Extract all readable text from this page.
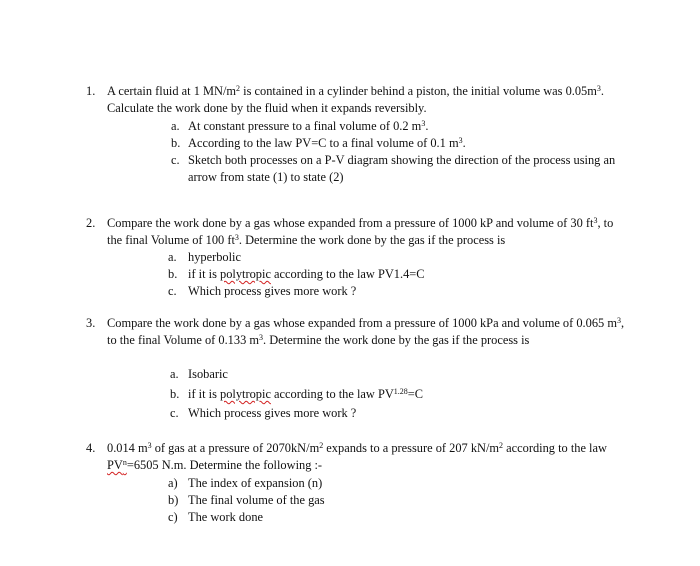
1. A certain fluid at 1 $MN/m^2$ is contained in a cylinder behind a piston, the initial volume was $0.05m^3$. Calculate the work done by the fluid when it expands reversibly.
a. At constant pressure to a final volume of 0.2 $m^3$.
b. According to the law PV=C to a final volume of 0.1 $m^3$.
c. Sketch both processes on a P-V diagram showing the direction of the process using an arrow from state (1) to state (2)
2. Compare the work done by a gas whose expanded from a pressure of 1000 kP and volume of 30 $ft^3$, to the final Volume of 100 $ft^3$. Determine the work done by the gas if the process is
a. hyperbolic
b. if it is polytropic according to the law PV1.4=C
c. Which process gives more work ?
3. Compare the work done by a gas whose expanded from a pressure of 1000 kPa and volume of 0.065 $m^3$, to the final Volume of 0.133 $m^3$. Determine the work done by the gas if the process is
a. Isobaric
b. if it is polytropic according to the law $PV^{1.28}=C$
c. Which process gives more work ?
4. 0.014 $m^3$ of gas at a pressure of $2070kN/m^2$ expands to a pressure of 207 $kN/m^2$ according to the law $PV^n=6505$ N.m. Determine the following :-
a) The index of expansion (n)
b) The final volume of the gas
c) The work done
